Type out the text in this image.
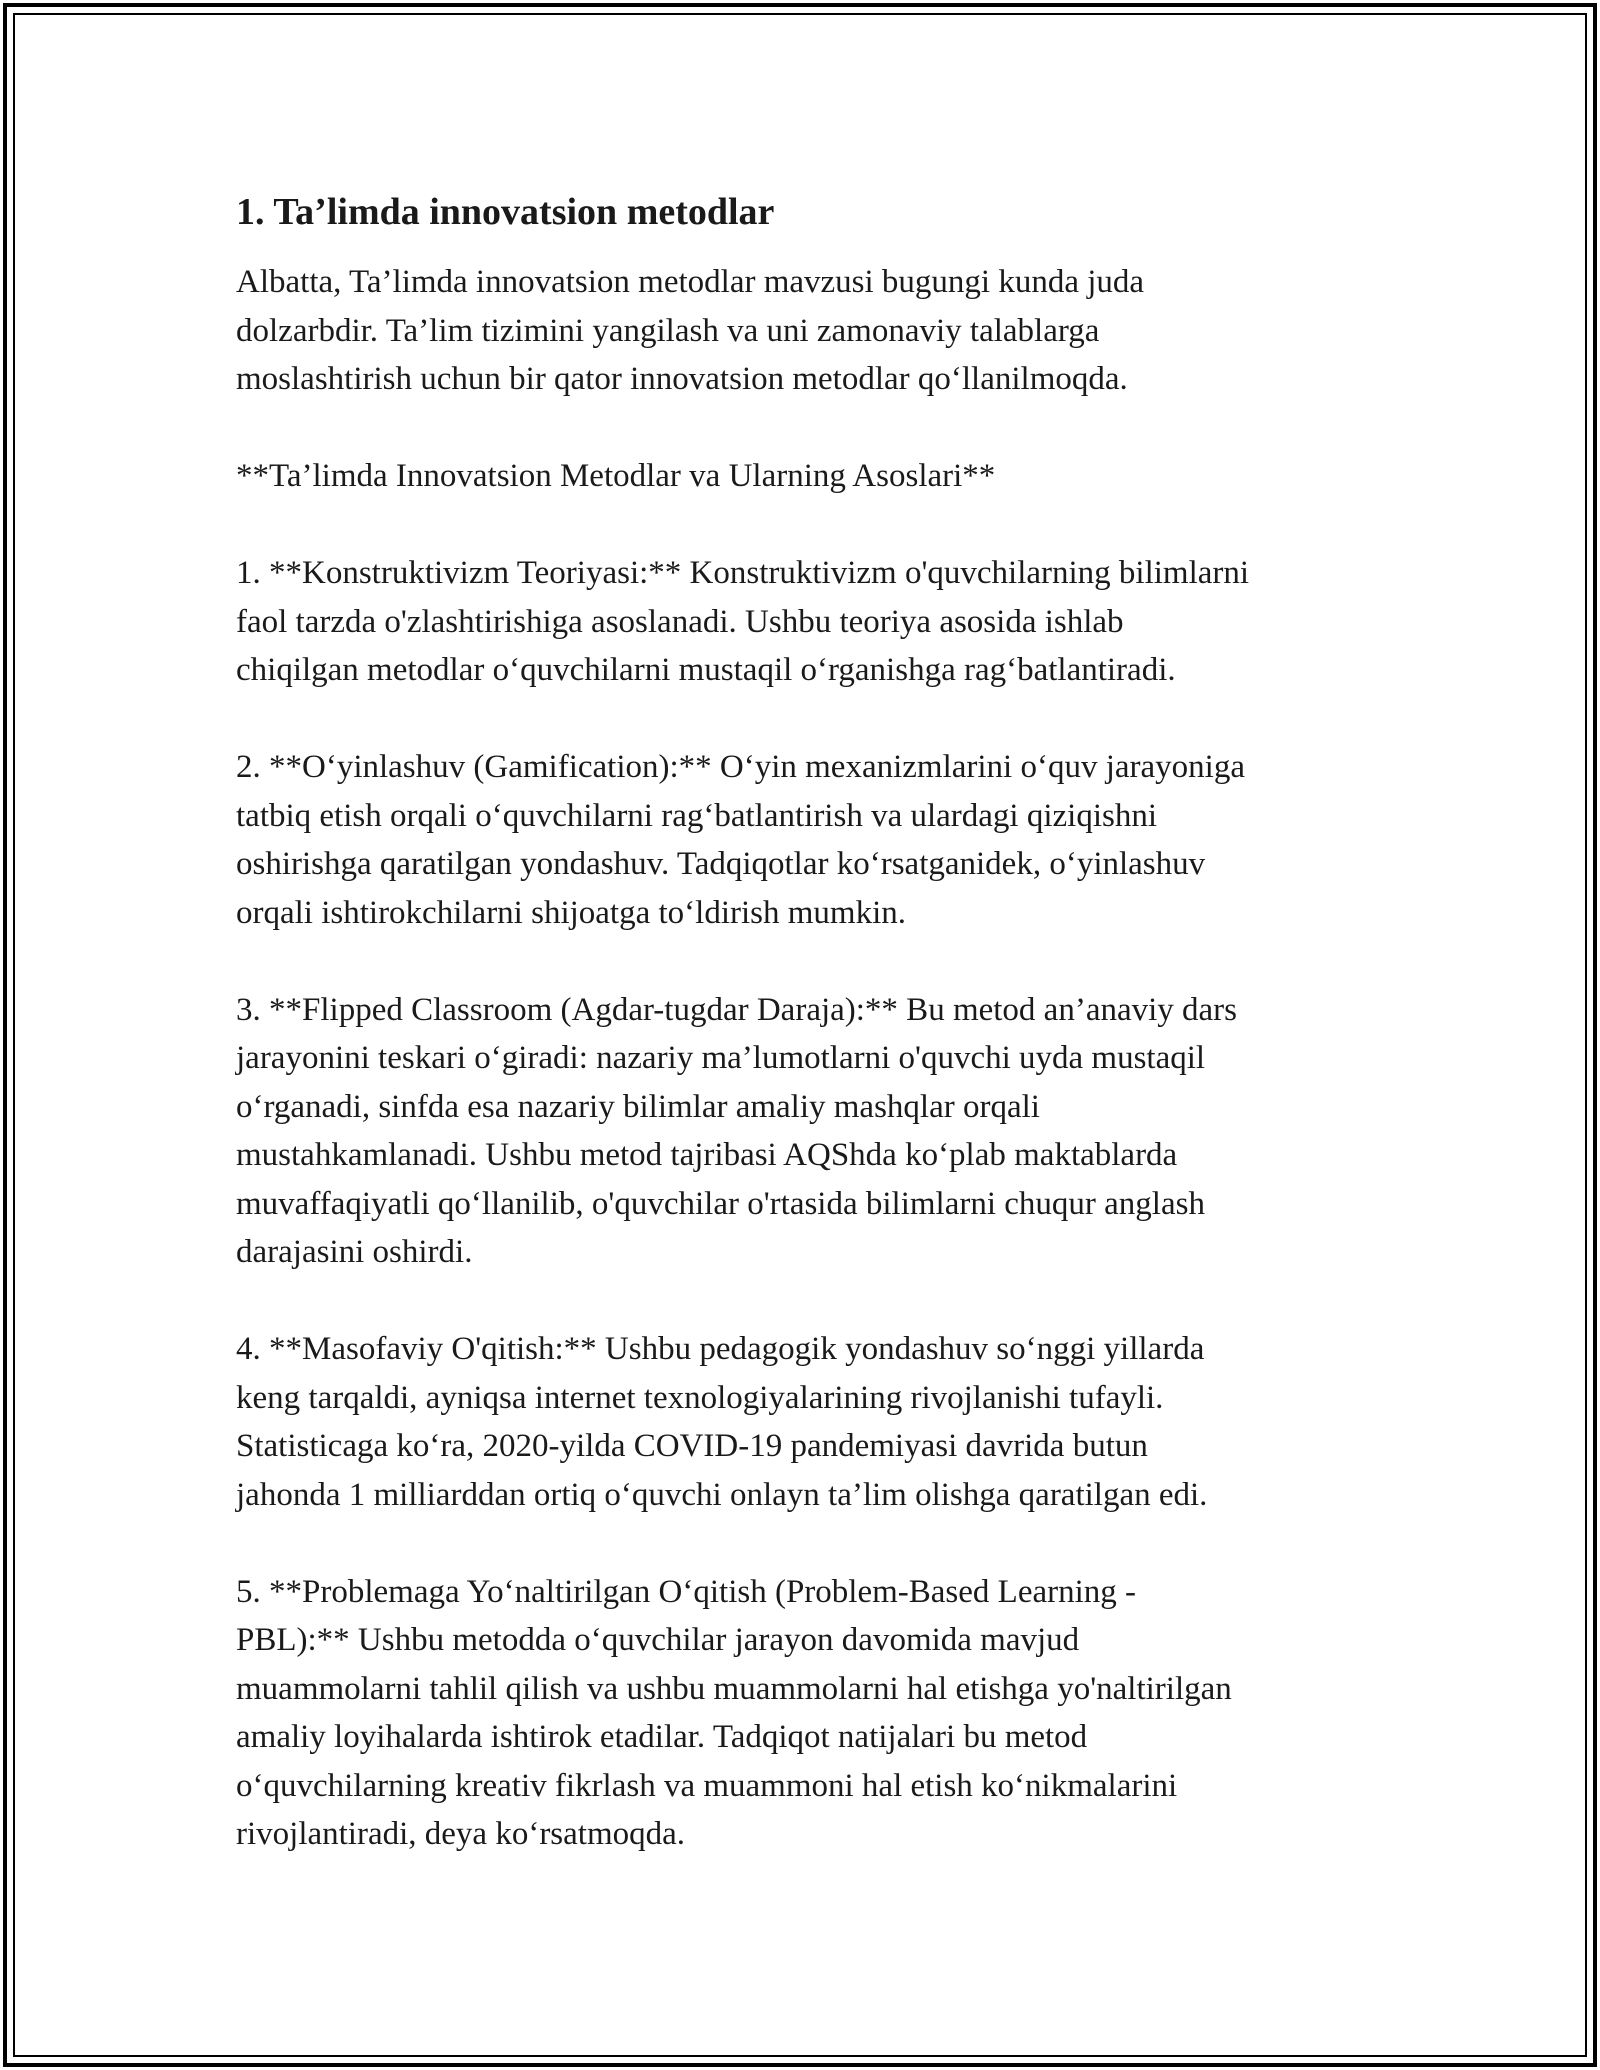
1. Ta’limda innovatsion metodlar

Albatta, Ta’limda innovatsion metodlar mavzusi bugungi kunda juda
dolzarbdir. Ta’lim tizimini yangilash va uni zamonaviy talablarga
moslashtirish uchun bir qator innovatsion metodlar qo‘llanilmoqda.

**Ta’limda Innovatsion Metodlar va Ularning Asoslari**

1. **Konstruktivizm Teoriyasi:** Konstruktivizm o'quvchilarning bilimlarni
faol tarzda o'zlashtirishiga asoslanadi. Ushbu teoriya asosida ishlab
chiqilgan metodlar o‘quvchilarni mustaqil o‘rganishga rag‘batlantiradi.

2. **O‘yinlashuv (Gamification):** O‘yin mexanizmlarini o‘quv jarayoniga
tatbiq etish orqali o‘quvchilarni rag‘batlantirish va ulardagi qiziqishni
oshirishga qaratilgan yondashuv. Tadqiqotlar ko‘rsatganidek, o‘yinlashuv
orqali ishtirokchilarni shijoatga to‘ldirish mumkin.

3. **Flipped Classroom (Agdar-tugdar Daraja):** Bu metod an’anaviy dars
jarayonini teskari o‘giradi: nazariy ma’lumotlarni o'quvchi uyda mustaqil
o‘rganadi, sinfda esa nazariy bilimlar amaliy mashqlar orqali
mustahkamlanadi. Ushbu metod tajribasi AQShda ko‘plab maktablarda
muvaffaqiyatli qo‘llanilib, o'quvchilar o'rtasida bilimlarni chuqur anglash
darajasini oshirdi.

4. **Masofaviy O'qitish:** Ushbu pedagogik yondashuv so‘nggi yillarda
keng tarqaldi, ayniqsa internet texnologiyalarining rivojlanishi tufayli.
Statisticaga ko‘ra, 2020-yilda COVID-19 pandemiyasi davrida butun
jahonda 1 milliarddan ortiq o‘quvchi onlayn ta’lim olishga qaratilgan edi.

5. **Problemaga Yo‘naltirilgan O‘qitish (Problem-Based Learning -
PBL):** Ushbu metodda o‘quvchilar jarayon davomida mavjud
muammolarni tahlil qilish va ushbu muammolarni hal etishga yo'naltirilgan
amaliy loyihalarda ishtirok etadilar. Tadqiqot natijalari bu metod
o‘quvchilarning kreativ fikrlash va muammoni hal etish ko‘nikmalarini
rivojlantiradi, deya ko‘rsatmoqda.
